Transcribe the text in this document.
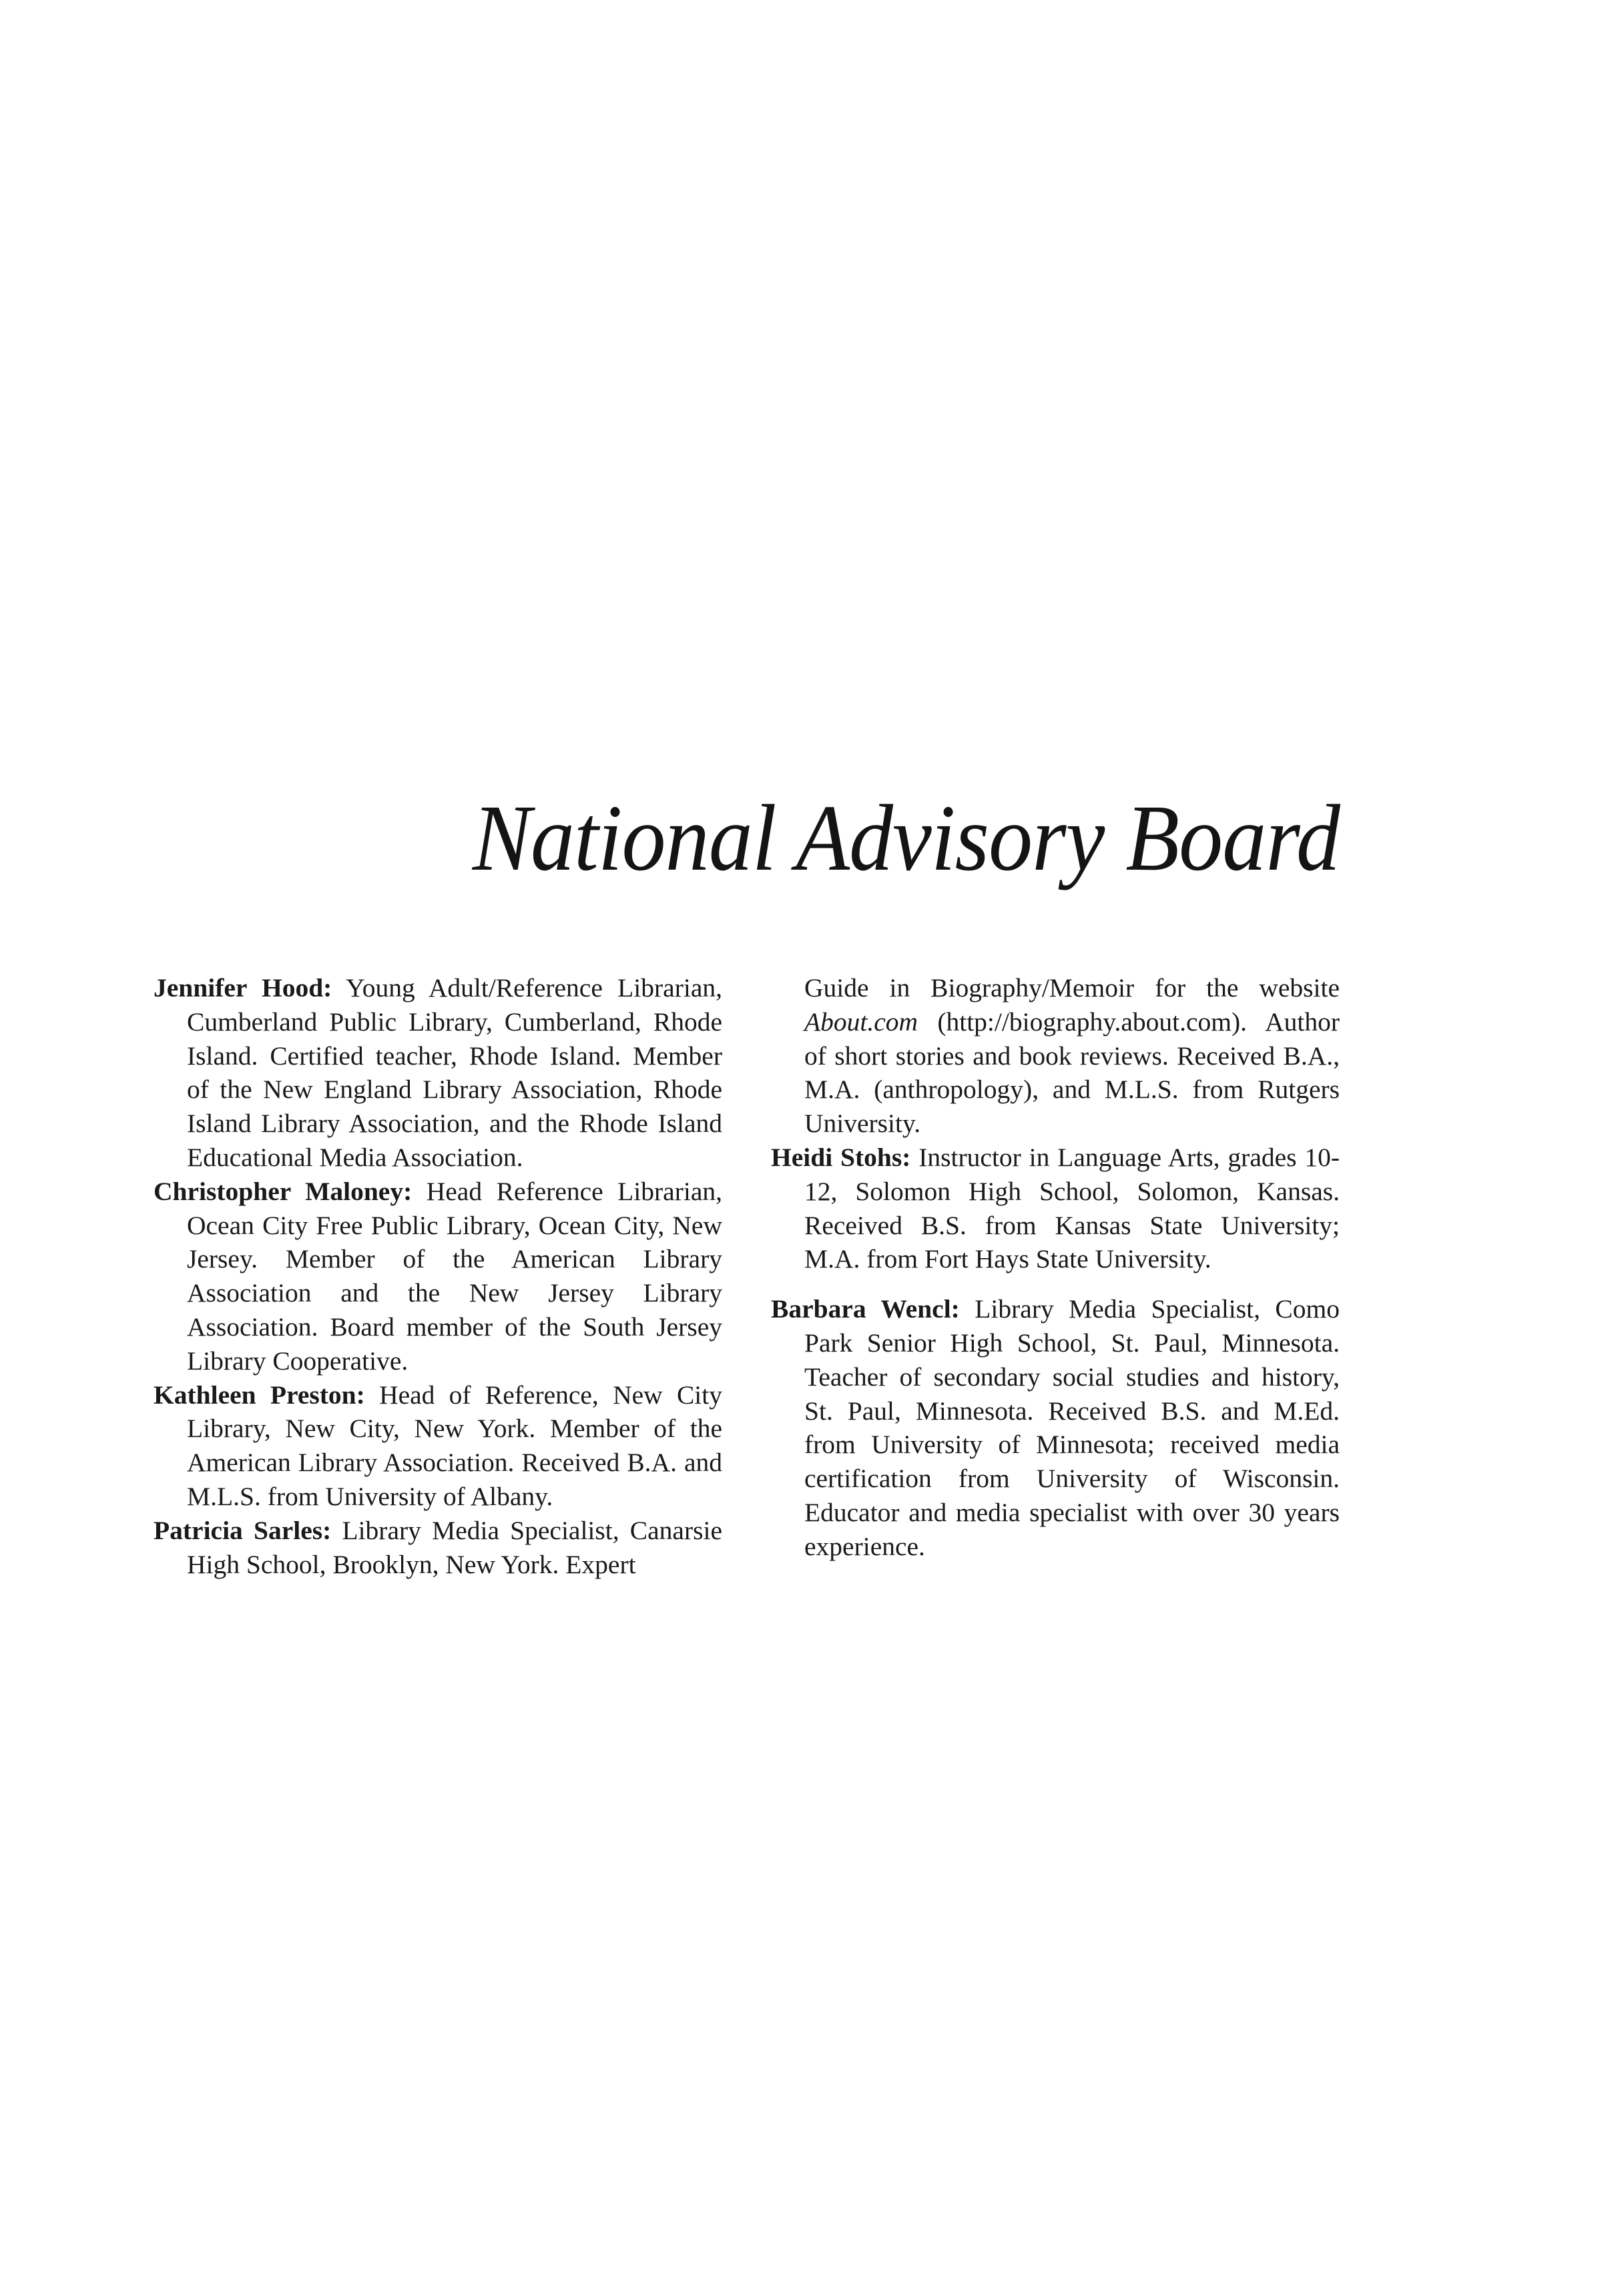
National Advisory Board

Jennifer Hood: Young Adult/Reference Librarian, Cumberland Public Library, Cumberland, Rhode Island. Certified teacher, Rhode Island. Member of the New England Library Association, Rhode Island Library Association, and the Rhode Island Educational Media Association.

Christopher Maloney: Head Reference Librarian, Ocean City Free Public Library, Ocean City, New Jersey. Member of the American Library Association and the New Jersey Library Association. Board member of the South Jersey Library Cooperative.

Kathleen Preston: Head of Reference, New City Library, New City, New York. Member of the American Library Association. Received B.A. and M.L.S. from University of Albany.

Patricia Sarles: Library Media Specialist, Canarsie High School, Brooklyn, New York. Expert

Guide in Biography/Memoir for the website About.com (http://biography.about.com). Author of short stories and book reviews. Received B.A., M.A. (anthropology), and M.L.S. from Rutgers University.

Heidi Stohs: Instructor in Language Arts, grades 10-12, Solomon High School, Solomon, Kansas. Received B.S. from Kansas State University; M.A. from Fort Hays State University.

Barbara Wencl: Library Media Specialist, Como Park Senior High School, St. Paul, Minnesota. Teacher of secondary social studies and history, St. Paul, Minnesota. Received B.S. and M.Ed. from University of Minnesota; received media certification from University of Wisconsin. Educator and media specialist with over 30 years experience.
